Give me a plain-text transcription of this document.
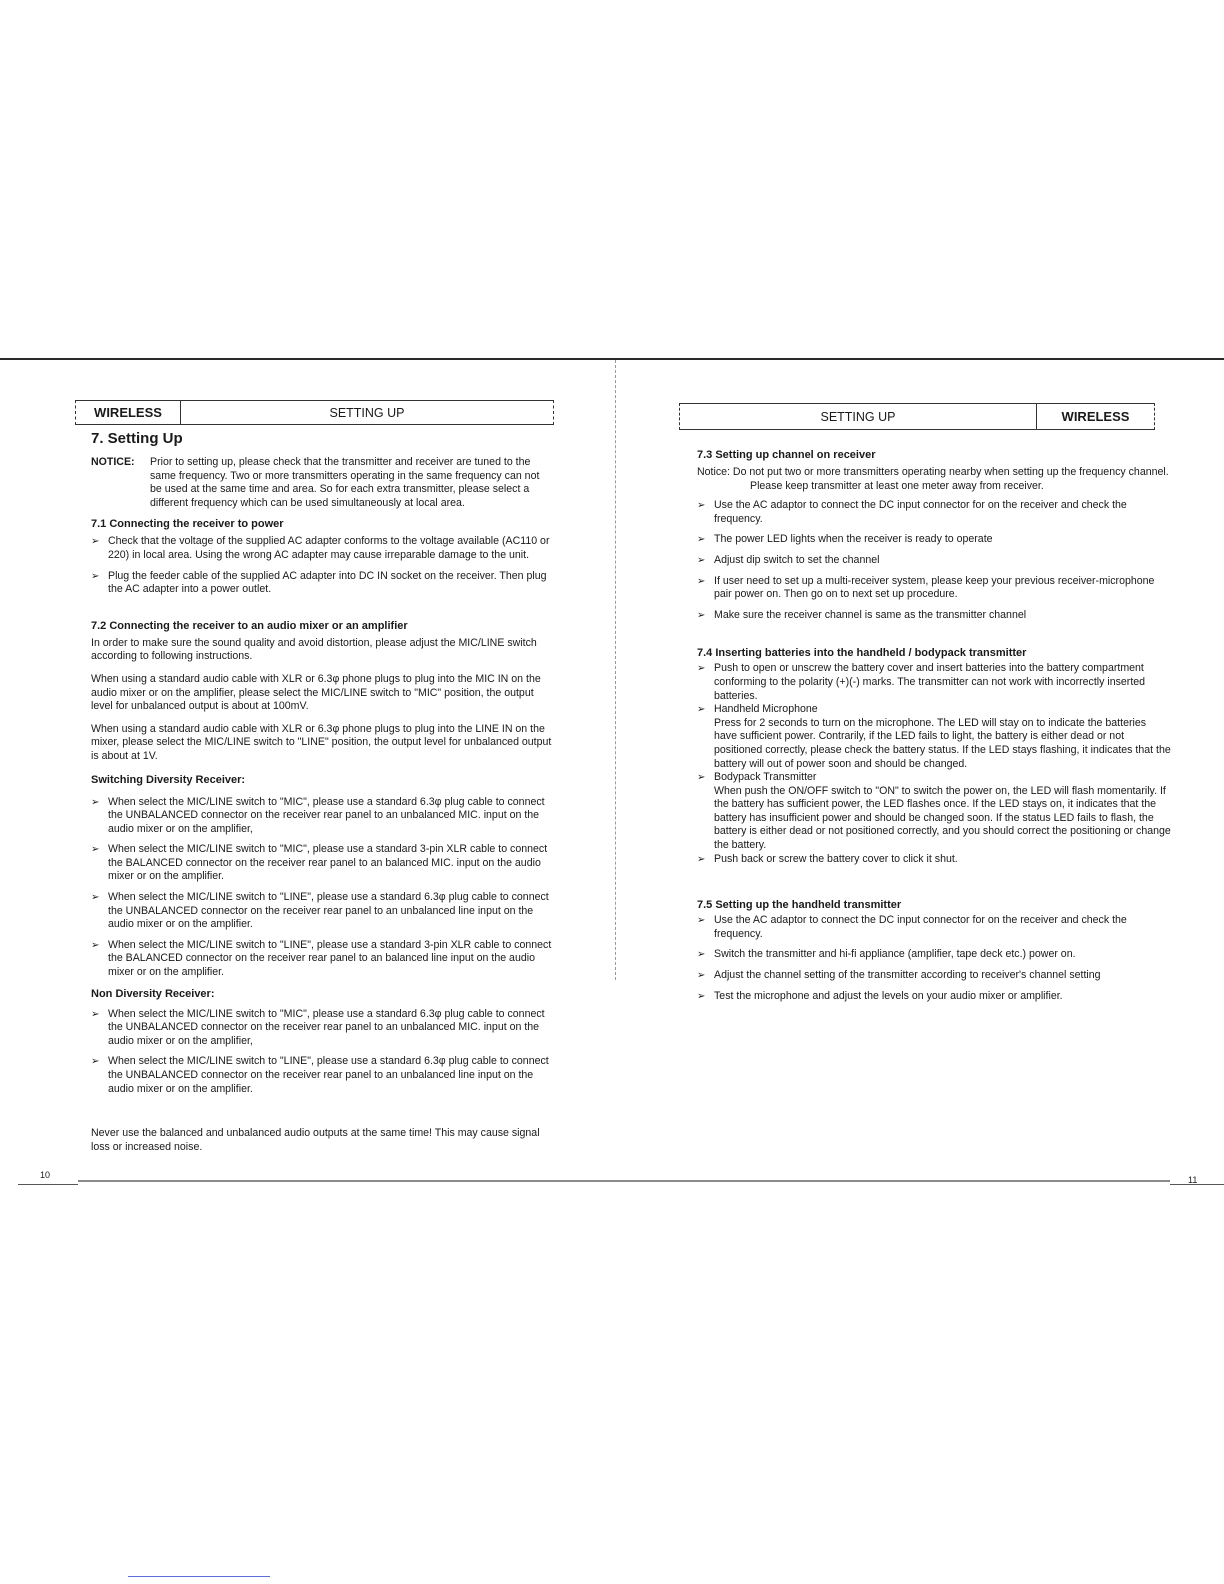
WIRELESS	SETTING UP
7. Setting Up
NOTICE:	Prior to setting up, please check that the transmitter and receiver are tuned to the same frequency. Two or more transmitters operating in the same frequency can not be used at the same time and area. So for each extra transmitter, please select a different frequency which can be used simultaneously at local area.
7.1 Connecting the receiver to power
➢ Check that the voltage of the supplied AC adapter conforms to the voltage available (AC110 or 220) in local area. Using the wrong AC adapter may cause irreparable damage to the unit.
➢ Plug the feeder cable of the supplied AC adapter into DC IN socket on the receiver. Then plug the AC adapter into a power outlet.
7.2 Connecting the receiver to an audio mixer or an amplifier

In order to make sure the sound quality and avoid distortion, please adjust the MIC/LINE switch according to following instructions.

When using a standard audio cable with XLR or 6.3φ phone plugs to plug into the MIC IN on the audio mixer or on the amplifier, please select the MIC/LINE switch to "MIC" position, the output level for unbalanced output is about at 100mV.

When using a standard audio cable with XLR or 6.3φ phone plugs to plug into the LINE IN on the mixer, please select the MIC/LINE switch to "LINE" position, the output level for unbalanced output is about at 1V.

Switching Diversity Receiver:
➢ When select the MIC/LINE switch to "MIC", please use a standard 6.3φ plug cable to connect the UNBALANCED connector on the receiver rear panel to an unbalanced MIC. input on the audio mixer or on the amplifier,
➢ When select the MIC/LINE switch to "MIC", please use a standard 3-pin XLR cable to connect the BALANCED connector on the receiver rear panel to an balanced MIC. input on the audio mixer or on the amplifier.
➢ When select the MIC/LINE switch to "LINE", please use a standard 6.3φ plug cable to connect the UNBALANCED connector on the receiver rear panel to an unbalanced line input on the audio mixer or on the amplifier.
➢ When select the MIC/LINE switch to "LINE", please use a standard 3-pin XLR cable to connect the BALANCED connector on the receiver rear panel to an balanced line input on the audio mixer or on the amplifier.
Non Diversity Receiver:
➢ When select the MIC/LINE switch to "MIC", please use a standard 6.3φ plug cable to connect the UNBALANCED connector on the receiver rear panel to an unbalanced MIC. input on the audio mixer or on the amplifier,
➢ When select the MIC/LINE switch to "LINE", please use a standard 6.3φ plug cable to connect the UNBALANCED connector on the receiver rear panel to an unbalanced line input on the audio mixer or on the amplifier.

Never use the balanced and unbalanced audio outputs at the same time! This may cause signal loss or increased noise.

10
SETTING UP	WIRELESS
7.3 Setting up channel on receiver
Notice: Do not put two or more transmitters operating nearby when setting up the frequency channel. Please keep transmitter at least one meter away from receiver.
➢ Use the AC adaptor to connect the DC input connector for on the receiver and check the frequency.
➢ The power LED lights when the receiver is ready to operate
➢ Adjust dip switch to set the channel
➢ If user need to set up a multi-receiver system, please keep your previous receiver-microphone pair power on. Then go on to next set up procedure.
➢ Make sure the receiver channel is same as the transmitter channel
7.4 Inserting batteries into the handheld / bodypack transmitter
➢ Push to open or unscrew the battery cover and insert batteries into the battery compartment conforming to the polarity (+)(-) marks. The transmitter can not work with incorrectly inserted batteries.
➢ Handheld Microphone
Press for 2 seconds to turn on the microphone. The LED will stay on to indicate the batteries have sufficient power. Contrarily, if the LED fails to light, the battery is either dead or not positioned correctly, please check the battery status. If the LED stays flashing, it indicates that the battery will out of power soon and should be changed.
➢ Bodypack Transmitter
When push the ON/OFF switch to "ON" to switch the power on, the LED will flash momentarily. If the battery has sufficient power, the LED flashes once. If the LED stays on, it indicates that the battery has insufficient power and should be changed soon. If the status LED fails to flash, the battery is either dead or not positioned correctly, and you should correct the positioning or change the battery.
➢ Push back or screw the battery cover to click it shut.
7.5 Setting up the handheld transmitter
➢ Use the AC adaptor to connect the DC input connector for on the receiver and check the frequency.
➢ Switch the transmitter and hi-fi appliance (amplifier, tape deck etc.) power on.
➢ Adjust the channel setting of the transmitter according to receiver's channel setting
➢ Test the microphone and adjust the levels on your audio mixer or amplifier.
11
